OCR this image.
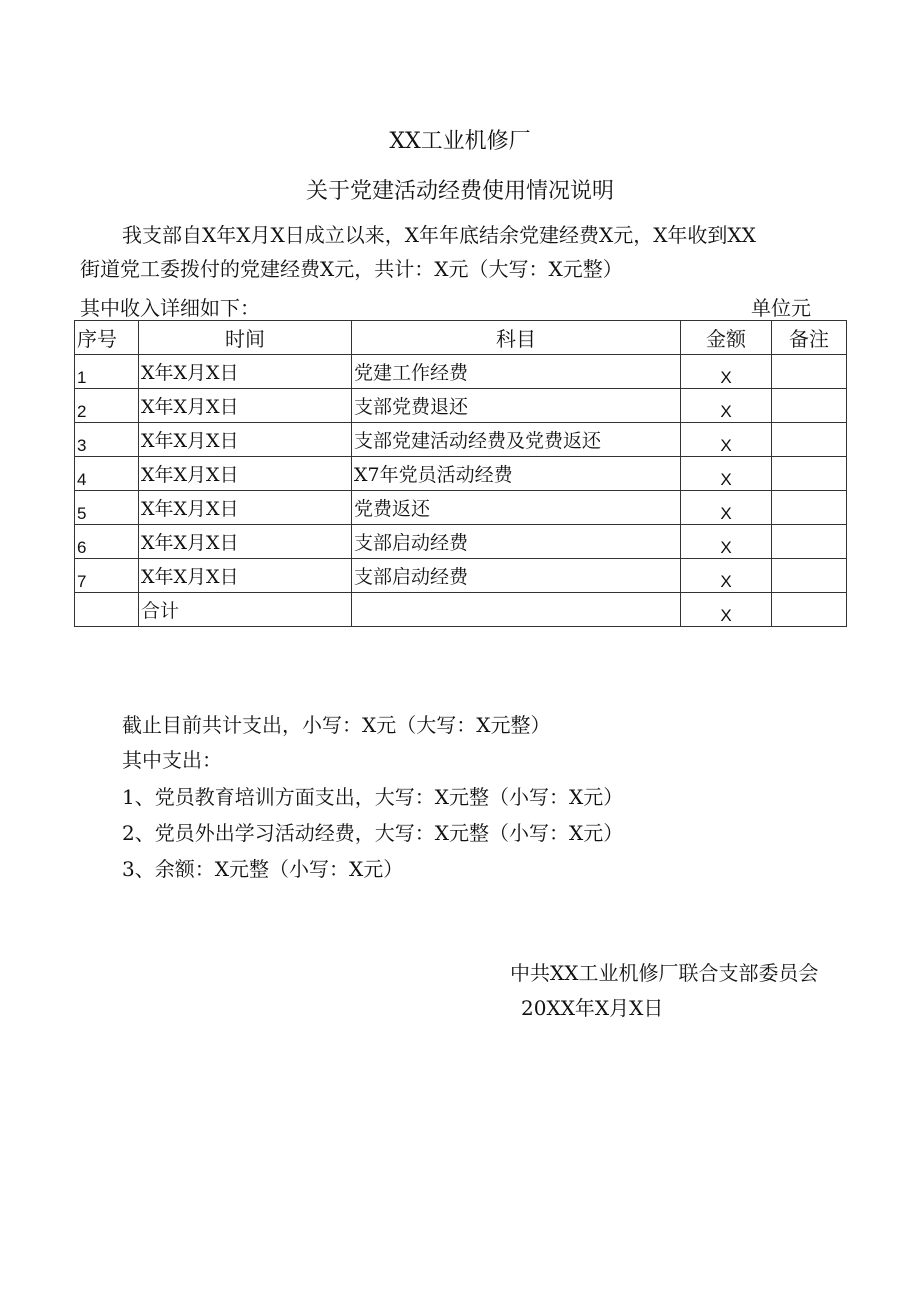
XX工业机修厂
关于党建活动经费使用情况说明
我支部自X年X月X日成立以来，X年年底结余党建经费X元，X年收到XX
街道党工委拨付的党建经费X元，共计：X元（大写：X元整）
其中收入详细如下：	单位元
序号	时间	科目	金额	备注
1	X年X月X日	党建工作经费	X	
2	X年X月X日	支部党费退还	X	
3	X年X月X日	支部党建活动经费及党费返还	X	
4	X年X月X日	X7年党员活动经费	X	
5	X年X月X日	党费返还	X	
6	X年X月X日	支部启动经费	X	
7	X年X月X日	支部启动经费	X	
	合计		X	
截止目前共计支出，小写：X元（大写：X元整）
其中支出：
1、党员教育培训方面支出，大写：X元整（小写：X元）
2、党员外出学习活动经费，大写：X元整（小写：X元）
3、余额：X元整（小写：X元）
中共XX工业机修厂联合支部委员会
20XX年X月X日
